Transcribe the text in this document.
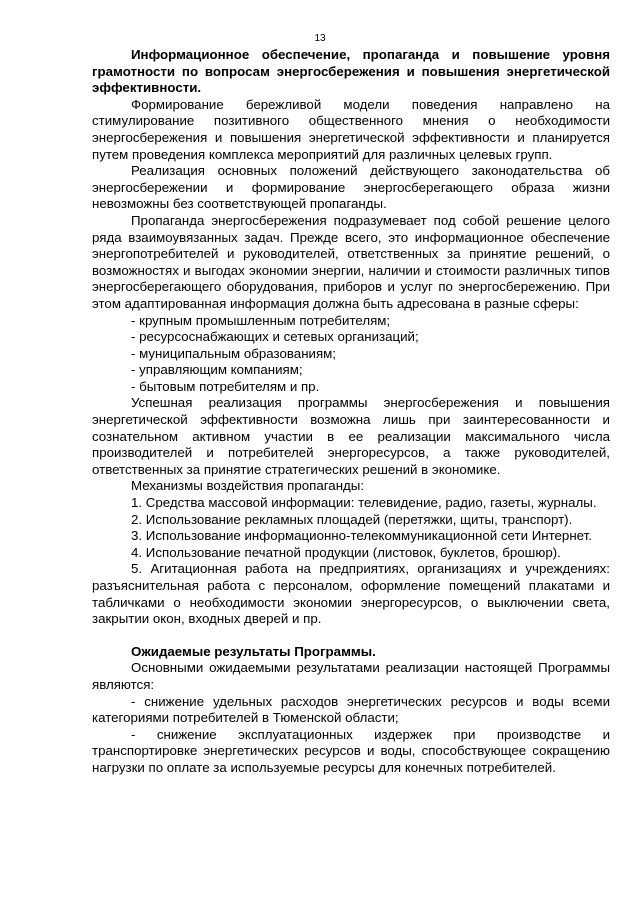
13

Информационное обеспечение, пропаганда и повышение уровня грамотности по вопросам энергосбережения и повышения энергетической эффективности.

Формирование бережливой модели поведения направлено на стимулирование позитивного общественного мнения о необходимости энергосбережения и повышения энергетической эффективности и планируется путем проведения комплекса мероприятий для различных целевых групп.

Реализация основных положений действующего законодательства об энергосбережении и формирование энергосберегающего образа жизни невозможны без соответствующей пропаганды.

Пропаганда энергосбережения подразумевает под собой решение целого ряда взаимоувязанных задач. Прежде всего, это информационное обеспечение энергопотребителей и руководителей, ответственных за принятие решений, о возможностях и выгодах экономии энергии, наличии и стоимости различных типов энергосберегающего оборудования, приборов и услуг по энергосбережению. При этом адаптированная информация должна быть адресована в разные сферы:

- крупным промышленным потребителям;

- ресурсоснабжающих и сетевых организаций;

- муниципальным образованиям;

- управляющим компаниям;

- бытовым потребителям и пр.

Успешная реализация программы энергосбережения и повышения энергетической эффективности возможна лишь при заинтересованности и сознательном активном участии в ее реализации максимального числа производителей и потребителей энергоресурсов, а также руководителей, ответственных за принятие стратегических решений в экономике.

Механизмы воздействия пропаганды:

1. Средства массовой информации: телевидение, радио, газеты, журналы.

2. Использование рекламных площадей (перетяжки, щиты, транспорт).

3. Использование информационно-телекоммуникационной сети Интернет.

4. Использование печатной продукции (листовок, буклетов, брошюр).

5. Агитационная работа на предприятиях, организациях и учреждениях: разъяснительная работа с персоналом, оформление помещений плакатами и табличками о необходимости экономии энергоресурсов, о выключении света, закрытии окон, входных дверей и пр.

Ожидаемые результаты Программы.

Основными ожидаемыми результатами реализации настоящей Программы являются:

- снижение удельных расходов энергетических ресурсов и воды всеми категориями потребителей в Тюменской области;

- снижение эксплуатационных издержек при производстве и транспортировке энергетических ресурсов и воды, способствующее сокращению нагрузки по оплате за используемые ресурсы для конечных потребителей.
